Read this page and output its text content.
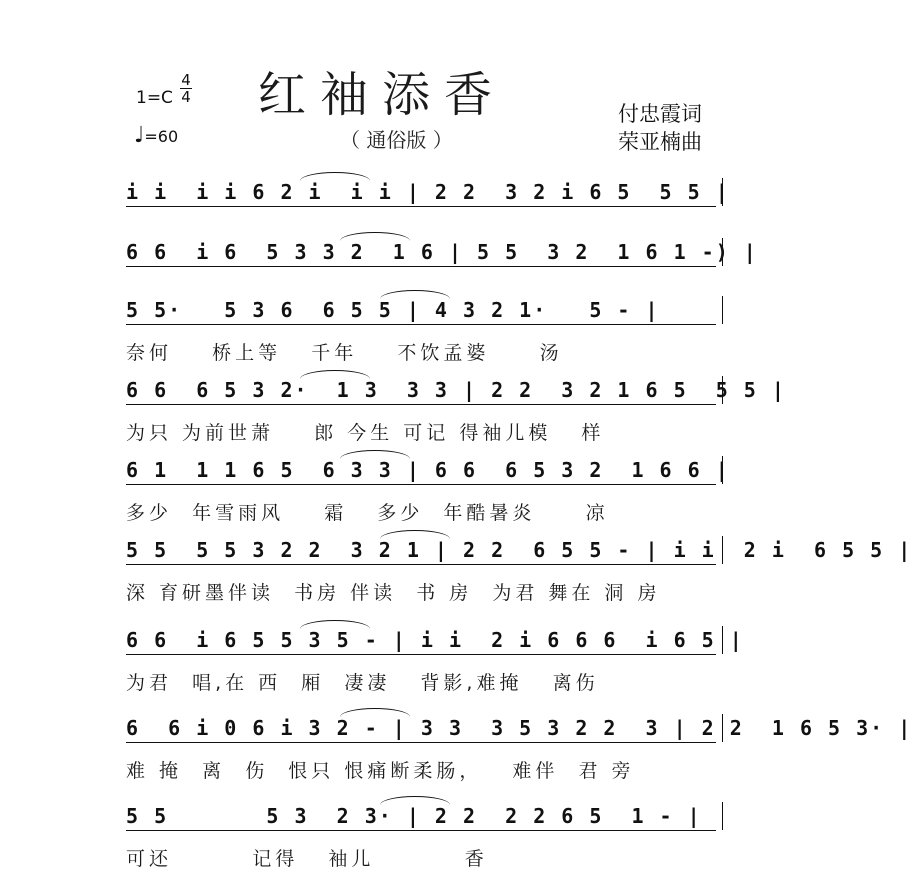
红袖添香
（ 通俗版 ）
1=C
4
4
♩=60
付忠霞词
荣亚楠曲
i i  i i 6 2 i  i i | 2 2  3 2 i 6 5  5 5 |
6 6  i 6  5 3 3 2  1 6 | 5 5  3 2  1 6 1 -) |
5 5·   5 3 6  6 5 5 | 4 3 2 1·   5 - |
奈何    桥上等   千年    不饮孟婆     汤
6 6  6 5 3 2·  1 3  3 3 | 2 2  3 2 1 6 5  5 5 |
为只 为前世萧    郎 今生 可记 得袖儿模   样
6 1  1 1 6 5  6 3 3 | 6 6  6 5 3 2  1 6 6 |
多少  年雪雨风    霜   多少  年酷暑炎     凉
5 5  5 5 3 2 2  3 2 1 | 2 2  6 5 5 - | i i  2 i  6 5 5 |
深 育研墨伴读  书房 伴读  书 房  为君 舞在 洞 房
6 6  i 6 5 5 3 5 - | i i  2 i 6 6 6  i 6 5 |
为君  唱,在 西  厢  凄凄   背影,难掩   离伤
6  6 i 0 6 i 3 2 - | 3 3  3 5 3 2 2  3 | 2 2  1 6 5 3· |
难 掩  离  伤  恨只 恨痛断柔肠，   难伴  君 旁
5 5       5 3  2 3· | 2 2  2 2 6 5  1 - |
可还        记得   袖儿         香
